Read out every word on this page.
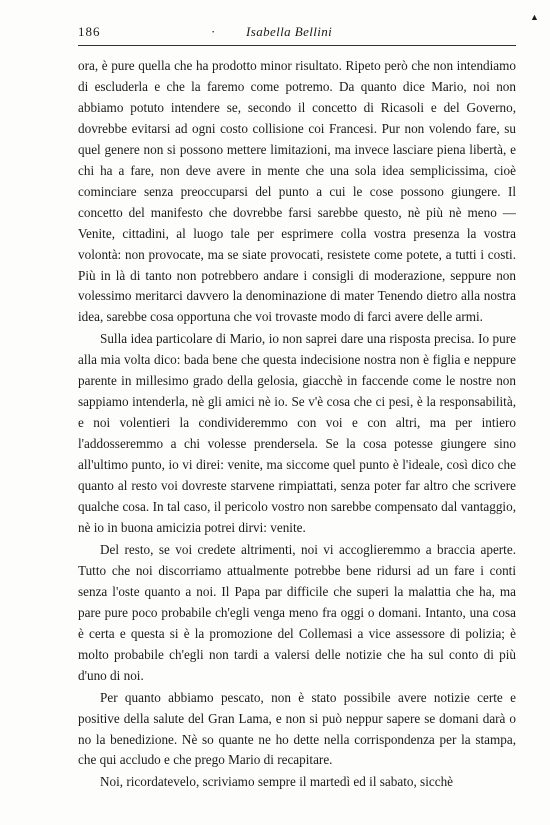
186	· Isabella Bellini
▲

ora, è pure quella che ha prodotto minor risultato. Ripeto però che non intendiamo di escluderla e che la faremo come potremo. Da quanto dice Mario, noi non abbiamo potuto intendere se, secondo il concetto di Ricasoli e del Governo, dovrebbe evitarsi ad ogni costo collisione coi Francesi. Pur non volendo fare, su quel genere non si possono mettere limitazioni, ma invece lasciare piena libertà, e chi ha a fare, non deve avere in mente che una sola idea semplicissima, cioè cominciare senza preoccuparsi del punto a cui le cose possono giungere. Il concetto del manifesto che dovrebbe farsi sarebbe questo, nè più nè meno — Venite, cittadini, al luogo tale per esprimere colla vostra presenza la vostra volontà: non provocate, ma se siate provocati, resistete come potete, a tutti i costi. Più in là di tanto non potrebbero andare i consigli di moderazione, seppure non volessimo meritarci davvero la denominazione di mater Tenendo dietro alla nostra idea, sarebbe cosa opportuna che voi trovaste modo di farci avere delle armi.

Sulla idea particolare di Mario, io non saprei dare una risposta precisa. Io pure alla mia volta dico: bada bene che questa indecisione nostra non è figlia e neppure parente in millesimo grado della gelosia, giacchè in faccende come le nostre non sappiamo intenderla, nè gli amici nè io. Se v'è cosa che ci pesi, è la responsabilità, e noi volentieri la condivideremmo con voi e con altri, ma per intiero l'addosseremmo a chi volesse prendersela. Se la cosa potesse giungere sino all'ultimo punto, io vi direi: venite, ma siccome quel punto è l'ideale, così dico che quanto al resto voi dovreste starvene rimpiattati, senza poter far altro che scrivere qualche cosa. In tal caso, il pericolo vostro non sarebbe compensato dal vantaggio, nè io in buona amicizia potrei dirvi: venite.

Del resto, se voi credete altrimenti, noi vi accoglieremmo a braccia aperte. Tutto che noi discorriamo attualmente potrebbe bene ridursi ad un fare i conti senza l'oste quanto a noi. Il Papa par difficile che superi la malattia che ha, ma pare pure poco probabile ch'egli venga meno fra oggi o domani. Intanto, una cosa è certa e questa si è la promozione del Collemasi a vice assessore di polizia; è molto probabile ch'egli non tardi a valersi delle notizie che ha sul conto di più d'uno di noi.

Per quanto abbiamo pescato, non è stato possibile avere notizie certe e positive della salute del Gran Lama, e non si può neppur sapere se domani darà o no la benedizione. Nè so quante ne ho dette nella corrispondenza per la stampa, che qui accludo e che prego Mario di recapitare.

Noi, ricordatevelo, scriviamo sempre il martedì ed il sabato, sicchè
